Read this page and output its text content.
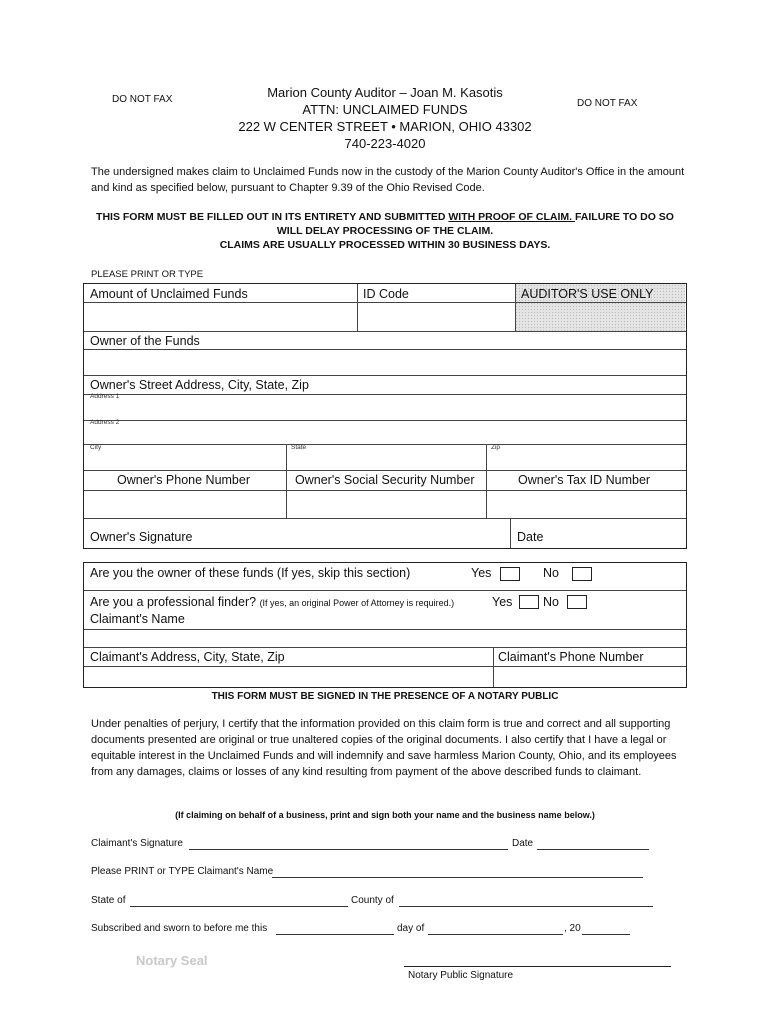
DO NOT FAX	DO NOT FAX
Marion County Auditor – Joan M. Kasotis
ATTN: UNCLAIMED FUNDS
222 W CENTER STREET • MARION, OHIO 43302
740-223-4020
The undersigned makes claim to Unclaimed Funds now in the custody of the Marion County Auditor's Office in the amount and kind as specified below, pursuant to Chapter 9.39 of the Ohio Revised Code.
THIS FORM MUST BE FILLED OUT IN ITS ENTIRETY AND SUBMITTED WITH PROOF OF CLAIM. FAILURE TO DO SO
WILL DELAY PROCESSING OF THE CLAIM.
CLAIMS ARE USUALLY PROCESSED WITHIN 30 BUSINESS DAYS.
PLEASE PRINT OR TYPE
Amount of Unclaimed Funds	ID Code	AUDITOR'S USE ONLY
Owner of the Funds
Owner's Street Address, City, State, Zip
Address 1
Address 2
City	State	Zip
Owner's Phone Number	Owner's Social Security Number	Owner's Tax ID Number
Owner's Signature	Date
Are you the owner of these funds (If yes, skip this section)	Yes	No
Are you a professional finder? (If yes, an original Power of Attorney is required.)	Yes No
Claimant's Name
Claimant's Address, City, State, Zip	Claimant's Phone Number
THIS FORM MUST BE SIGNED IN THE PRESENCE OF A NOTARY PUBLIC
Under penalties of perjury, I certify that the information provided on this claim form is true and correct and all supporting documents presented are original or true unaltered copies of the original documents. I also certify that I have a legal or equitable interest in the Unclaimed Funds and will indemnify and save harmless Marion County, Ohio, and its employees from any damages, claims or losses of any kind resulting from payment of the above described funds to claimant.
(If claiming on behalf of a business, print and sign both your name and the business name below.)
Claimant's Signature	Date
Please PRINT or TYPE Claimant's Name
State of	County of
Subscribed and sworn to before me this	day of	, 20
Notary Seal
Notary Public Signature
